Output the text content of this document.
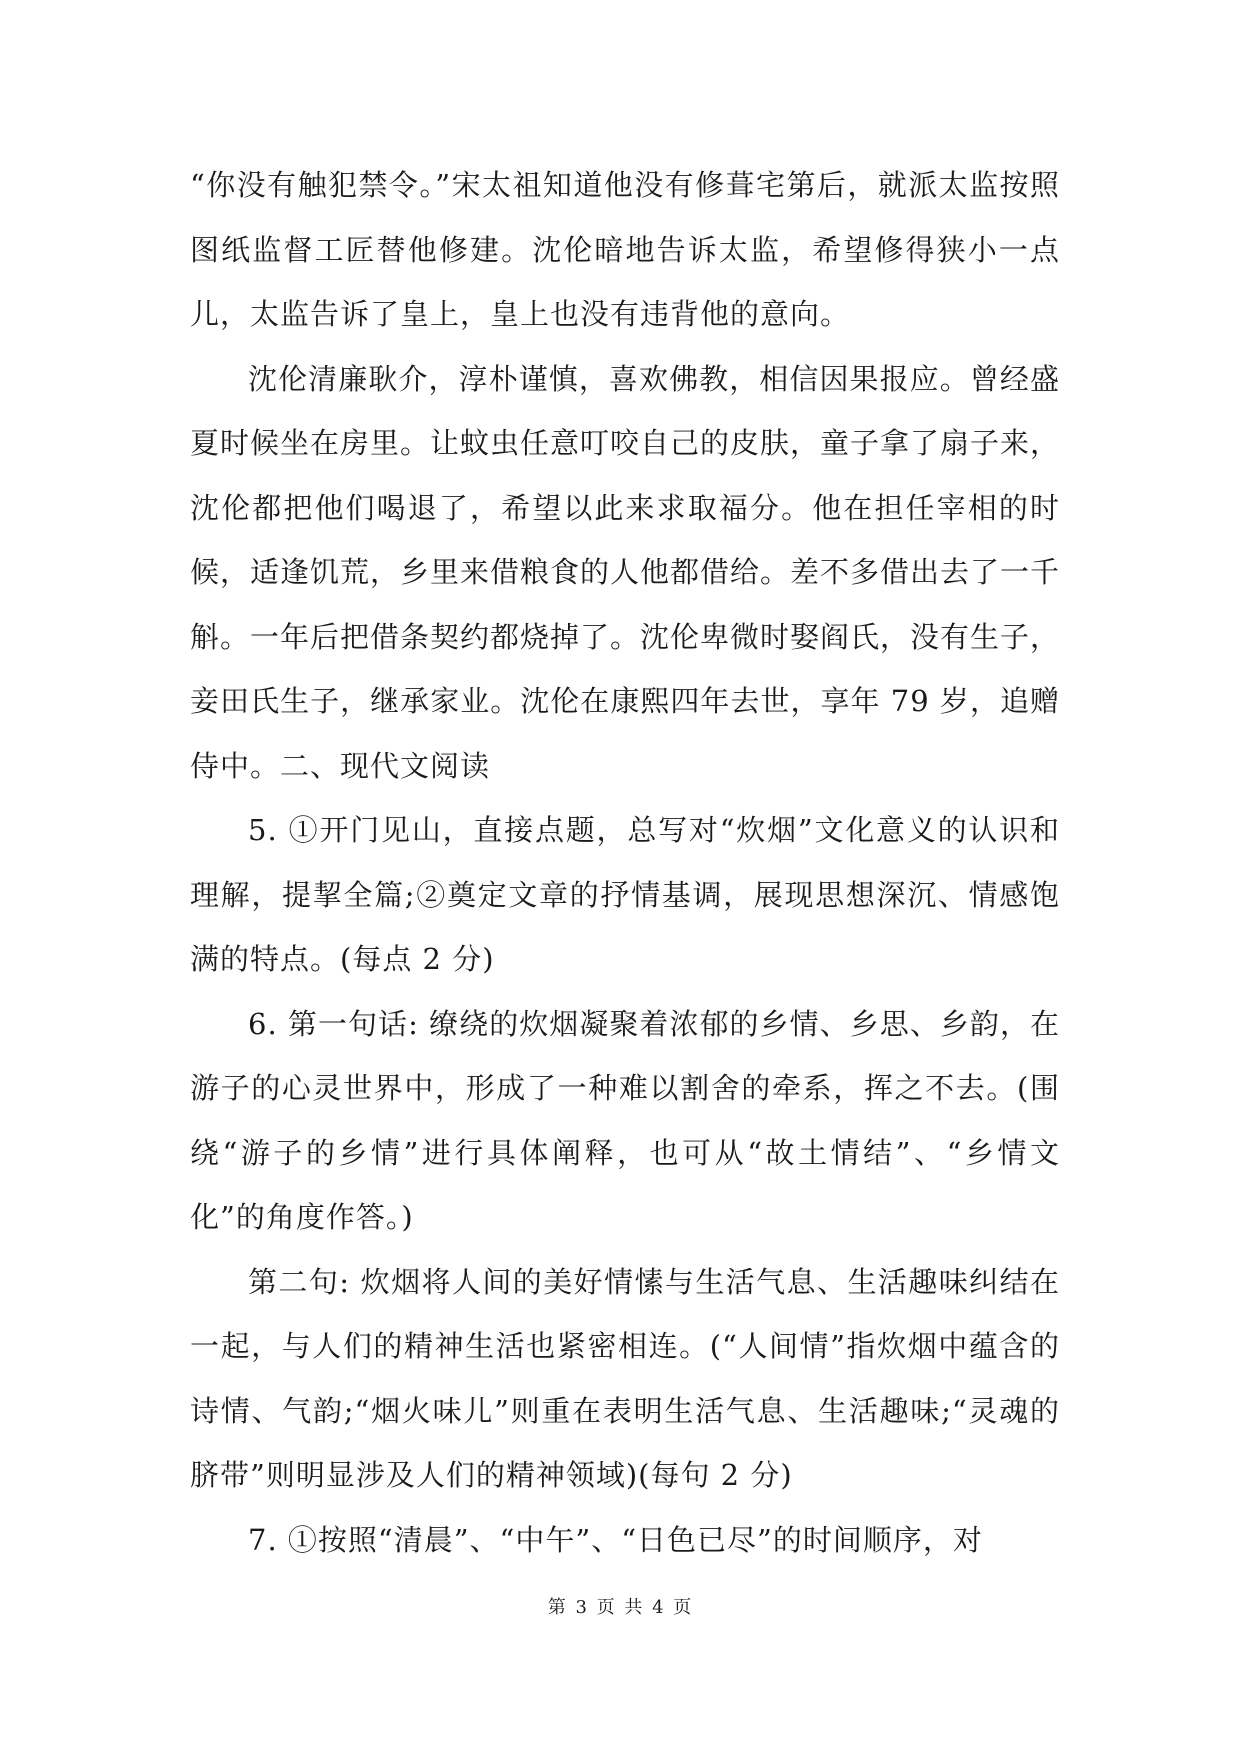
“你没有触犯禁令。”宋太祖知道他没有修葺宅第后，就派太监按照图纸监督工匠替他修建。沈伦暗地告诉太监，希望修得狭小一点儿，太监告诉了皇上，皇上也没有违背他的意向。

沈伦清廉耿介，淳朴谨慎，喜欢佛教，相信因果报应。曾经盛夏时候坐在房里。让蚊虫任意叮咬自己的皮肤，童子拿了扇子来，沈伦都把他们喝退了，希望以此来求取福分。他在担任宰相的时候，适逢饥荒，乡里来借粮食的人他都借给。差不多借出去了一千斛。一年后把借条契约都烧掉了。沈伦卑微时娶阎氏，没有生子，妾田氏生子，继承家业。沈伦在康熙四年去世，享年 79 岁，追赠侍中。二、现代文阅读

5. ①开门见山，直接点题，总写对“炊烟”文化意义的认识和理解，提挈全篇;②奠定文章的抒情基调，展现思想深沉、情感饱满的特点。(每点 2 分)

6. 第一句话: 缭绕的炊烟凝聚着浓郁的乡情、乡思、乡韵，在游子的心灵世界中，形成了一种难以割舍的牵系，挥之不去。(围绕“游子的乡情”进行具体阐释，也可从“故土情结”、“乡情文化”的角度作答。)

第二句: 炊烟将人间的美好情愫与生活气息、生活趣味纠结在一起，与人们的精神生活也紧密相连。(“人间情”指炊烟中蕴含的诗情、气韵;“烟火味儿”则重在表明生活气息、生活趣味;“灵魂的脐带”则明显涉及人们的精神领域)(每句 2 分)

7. ①按照“清晨”、“中午”、“日色已尽”的时间顺序，对

第 3 页 共 4 页
